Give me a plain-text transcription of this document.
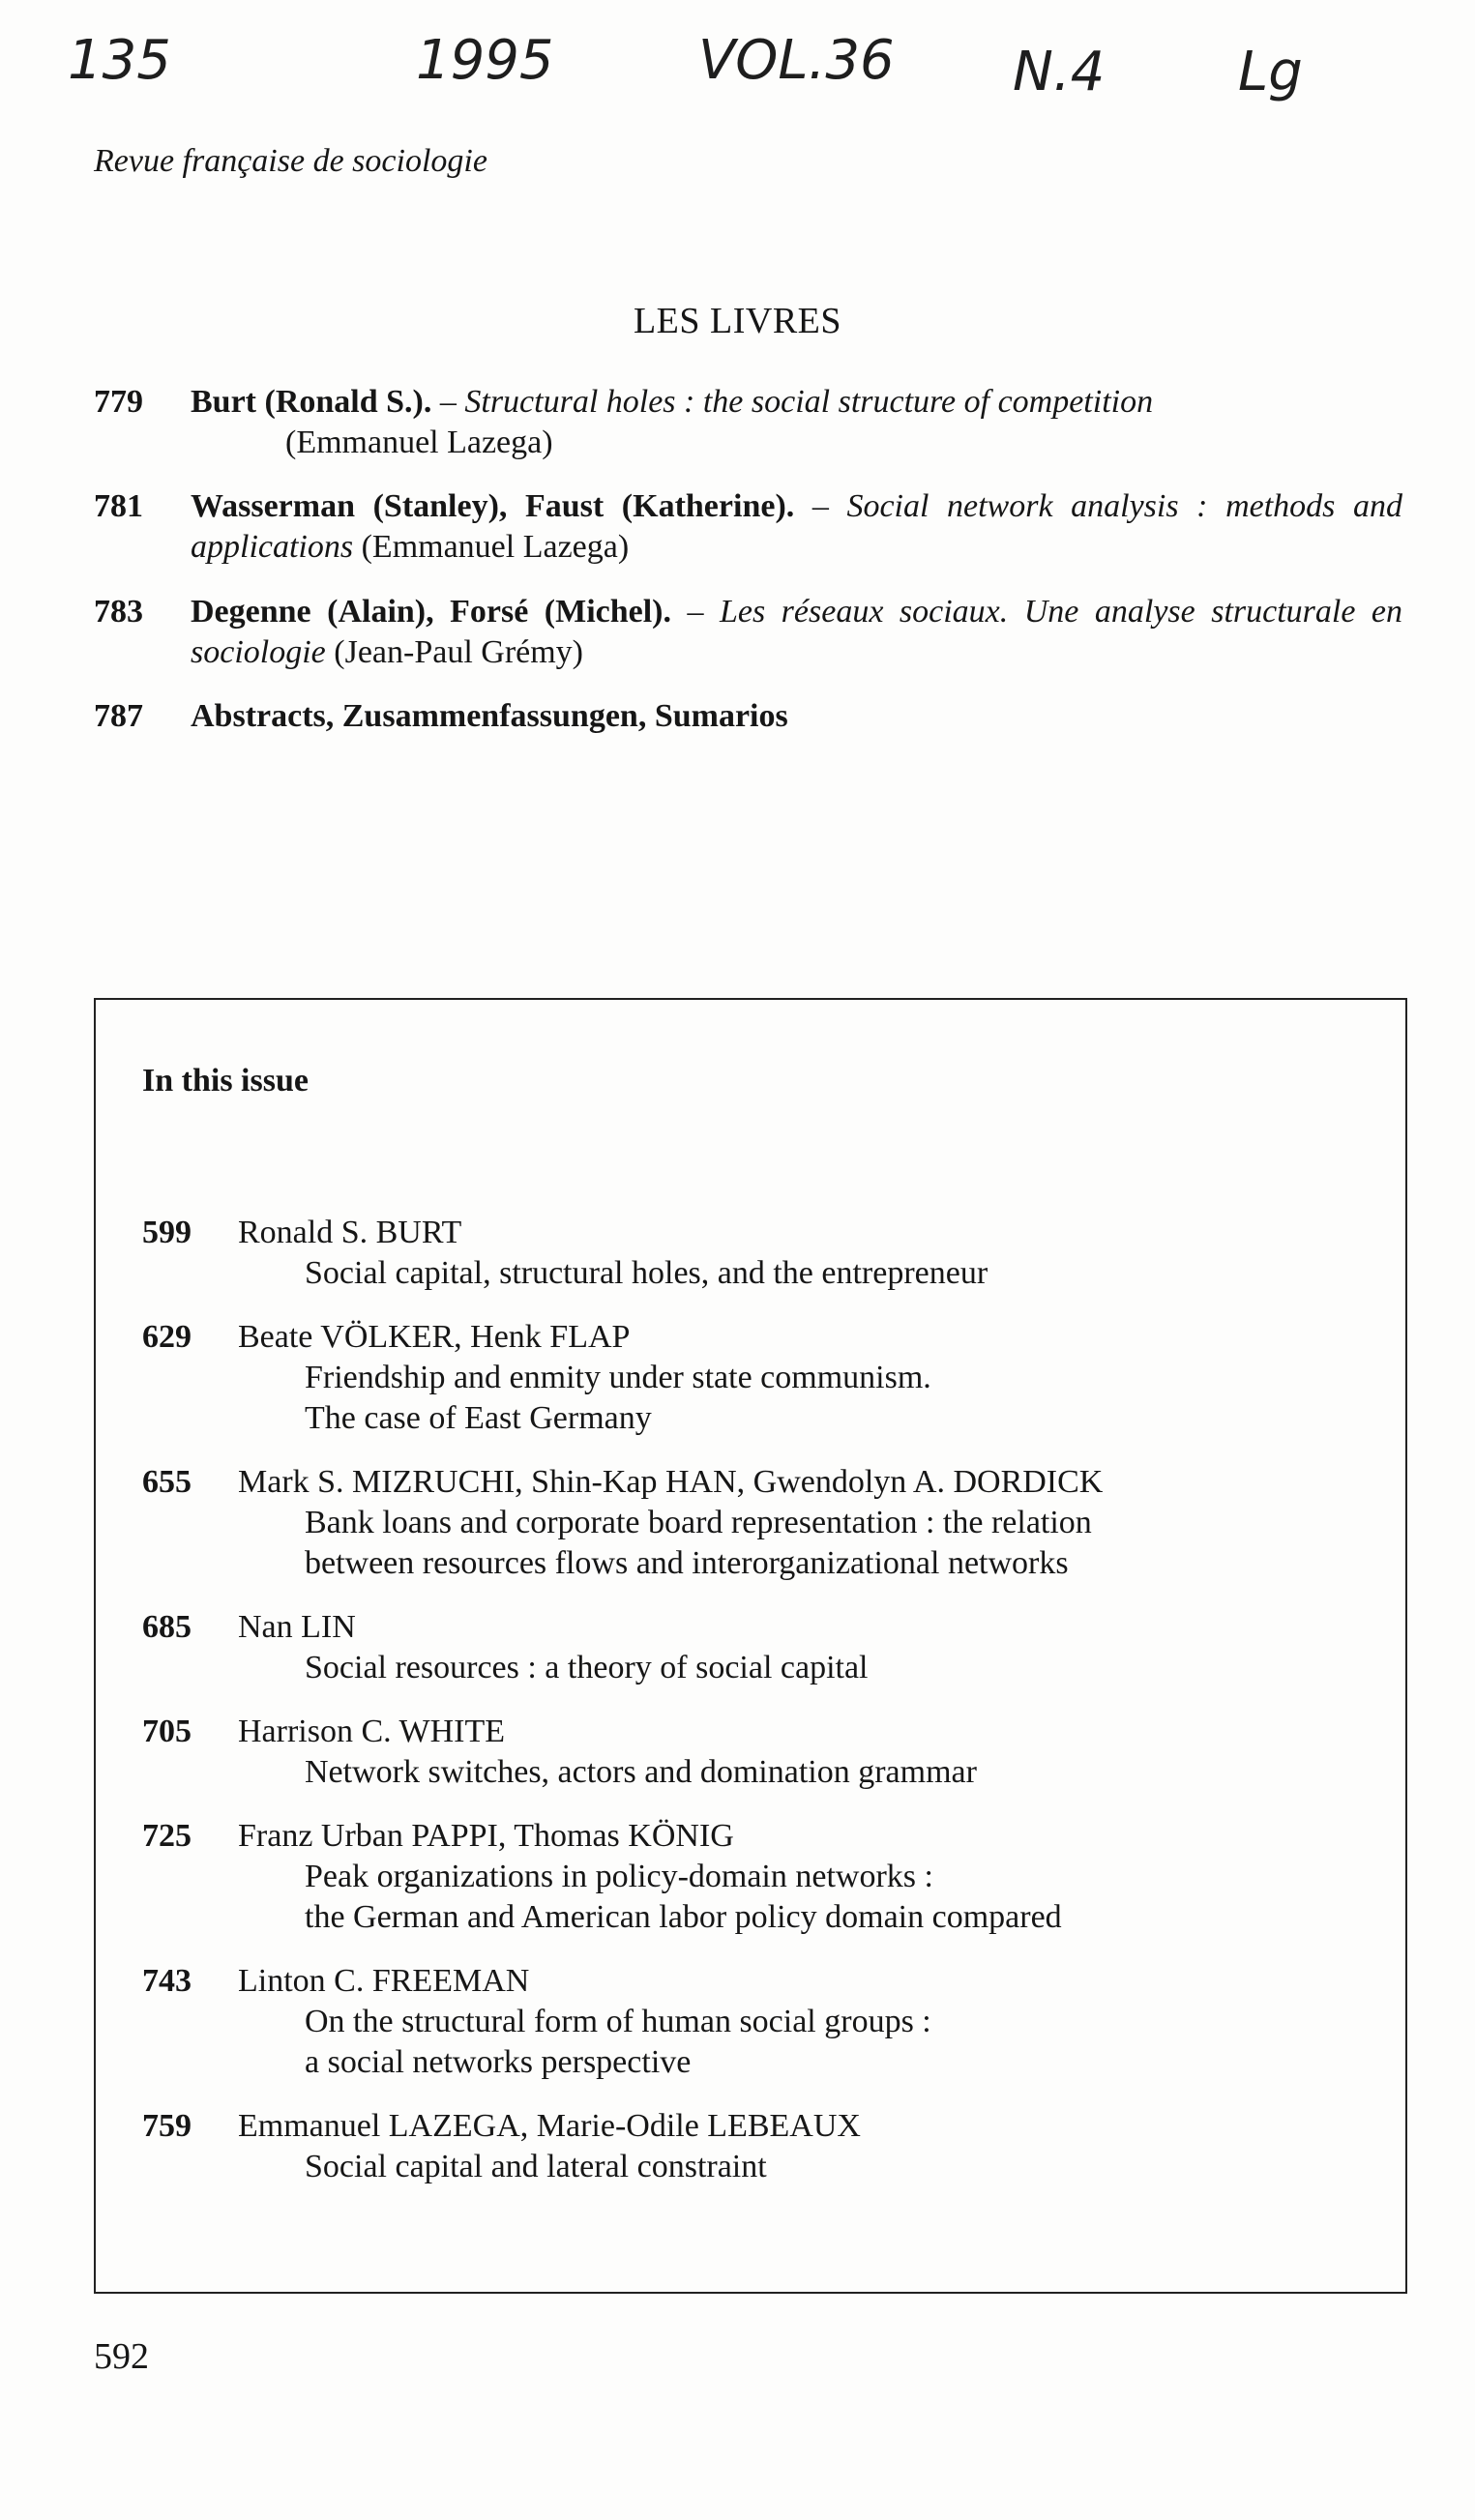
135	1995	VOL.36 N.4 Lg
Revue française de sociologie
LES LIVRES
779 Burt (Ronald S.). – Structural holes : the social structure of competition
(Emmanuel Lazega)
781 Wasserman (Stanley), Faust (Katherine). – Social network analysis : methods and applications (Emmanuel Lazega)
783 Degenne (Alain), Forsé (Michel). – Les réseaux sociaux. Une analyse structurale en sociologie (Jean-Paul Grémy)
787 Abstracts, Zusammenfassungen, Sumarios
In this issue
599 Ronald S. BURT
Social capital, structural holes, and the entrepreneur
629 Beate VÖLKER, Henk FLAP
Friendship and enmity under state communism.
The case of East Germany
655 Mark S. MIZRUCHI, Shin-Kap HAN, Gwendolyn A. DORDICK
Bank loans and corporate board representation : the relation
between resources flows and interorganizational networks
685 Nan LIN
Social resources : a theory of social capital
705 Harrison C. WHITE
Network switches, actors and domination grammar
725 Franz Urban PAPPI, Thomas KÖNIG
Peak organizations in policy-domain networks :
the German and American labor policy domain compared
743 Linton C. FREEMAN
On the structural form of human social groups :
a social networks perspective
759 Emmanuel LAZEGA, Marie-Odile LEBEAUX
Social capital and lateral constraint
592
